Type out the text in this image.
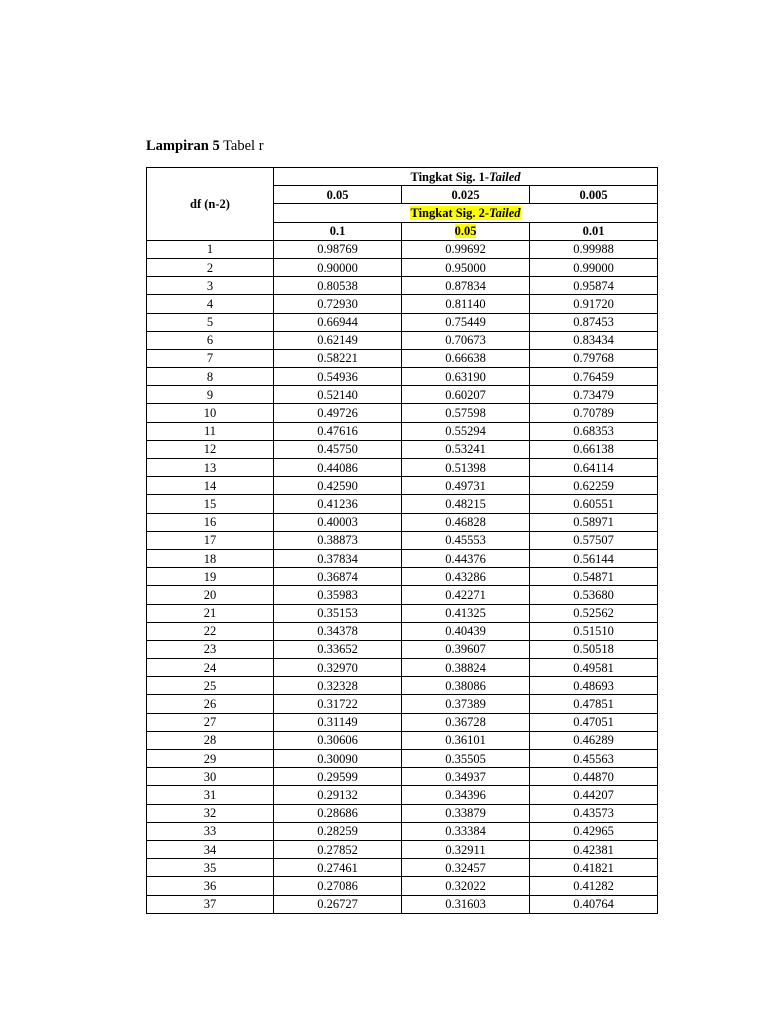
Lampiran 5 Tabel r
df (n-2)	Tingkat Sig. 1-Tailed		
	0.05	0.025	0.005
	Tingkat Sig. 2-Tailed		
	0.1	0.05	0.01
1	0.98769	0.99692	0.99988
2	0.90000	0.95000	0.99000
3	0.80538	0.87834	0.95874
4	0.72930	0.81140	0.91720
5	0.66944	0.75449	0.87453
6	0.62149	0.70673	0.83434
7	0.58221	0.66638	0.79768
8	0.54936	0.63190	0.76459
9	0.52140	0.60207	0.73479
10	0.49726	0.57598	0.70789
11	0.47616	0.55294	0.68353
12	0.45750	0.53241	0.66138
13	0.44086	0.51398	0.64114
14	0.42590	0.49731	0.62259
15	0.41236	0.48215	0.60551
16	0.40003	0.46828	0.58971
17	0.38873	0.45553	0.57507
18	0.37834	0.44376	0.56144
19	0.36874	0.43286	0.54871
20	0.35983	0.42271	0.53680
21	0.35153	0.41325	0.52562
22	0.34378	0.40439	0.51510
23	0.33652	0.39607	0.50518
24	0.32970	0.38824	0.49581
25	0.32328	0.38086	0.48693
26	0.31722	0.37389	0.47851
27	0.31149	0.36728	0.47051
28	0.30606	0.36101	0.46289
29	0.30090	0.35505	0.45563
30	0.29599	0.34937	0.44870
31	0.29132	0.34396	0.44207
32	0.28686	0.33879	0.43573
33	0.28259	0.33384	0.42965
34	0.27852	0.32911	0.42381
35	0.27461	0.32457	0.41821
36	0.27086	0.32022	0.41282
37	0.26727	0.31603	0.40764
